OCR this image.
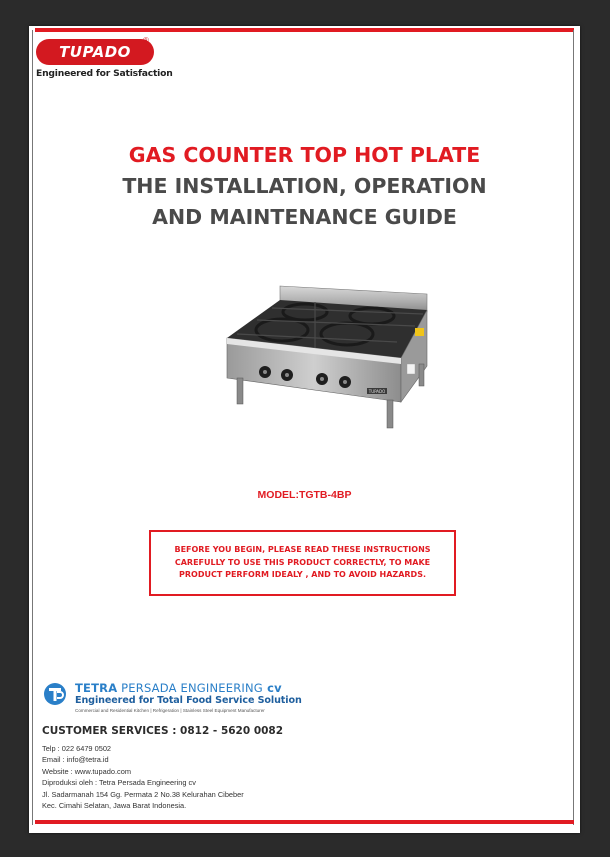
TUPADO
®
Engineered for Satisfaction
GAS COUNTER TOP HOT PLATE
THE INSTALLATION, OPERATION
AND MAINTENANCE GUIDE
TUPADO
MODEL:TGTB-4BP

BEFORE YOU BEGIN, PLEASE READ THESE INSTRUCTIONS CAREFULLY TO USE THIS PRODUCT CORRECTLY, TO MAKE PRODUCT PERFORM IDEALY , AND TO AVOID HAZARDS.

TETRA PERSADA ENGINEERING cv
Engineered for Total Food Service Solution
Commercial and Residential Kitchen | Refrigeration | Stainless Steel Equipment Manufacturer
CUSTOMER SERVICES : 0812 - 5620 0082
Telp : 022 6479 0502
Email : info@tetra.id
Website : www.tupado.com
Diproduksi oleh : Tetra Persada Engineering cv
Jl. Sadarmanah 154 Gg. Permata 2 No.38 Kelurahan Cibeber
Kec. Cimahi Selatan, Jawa Barat Indonesia.
